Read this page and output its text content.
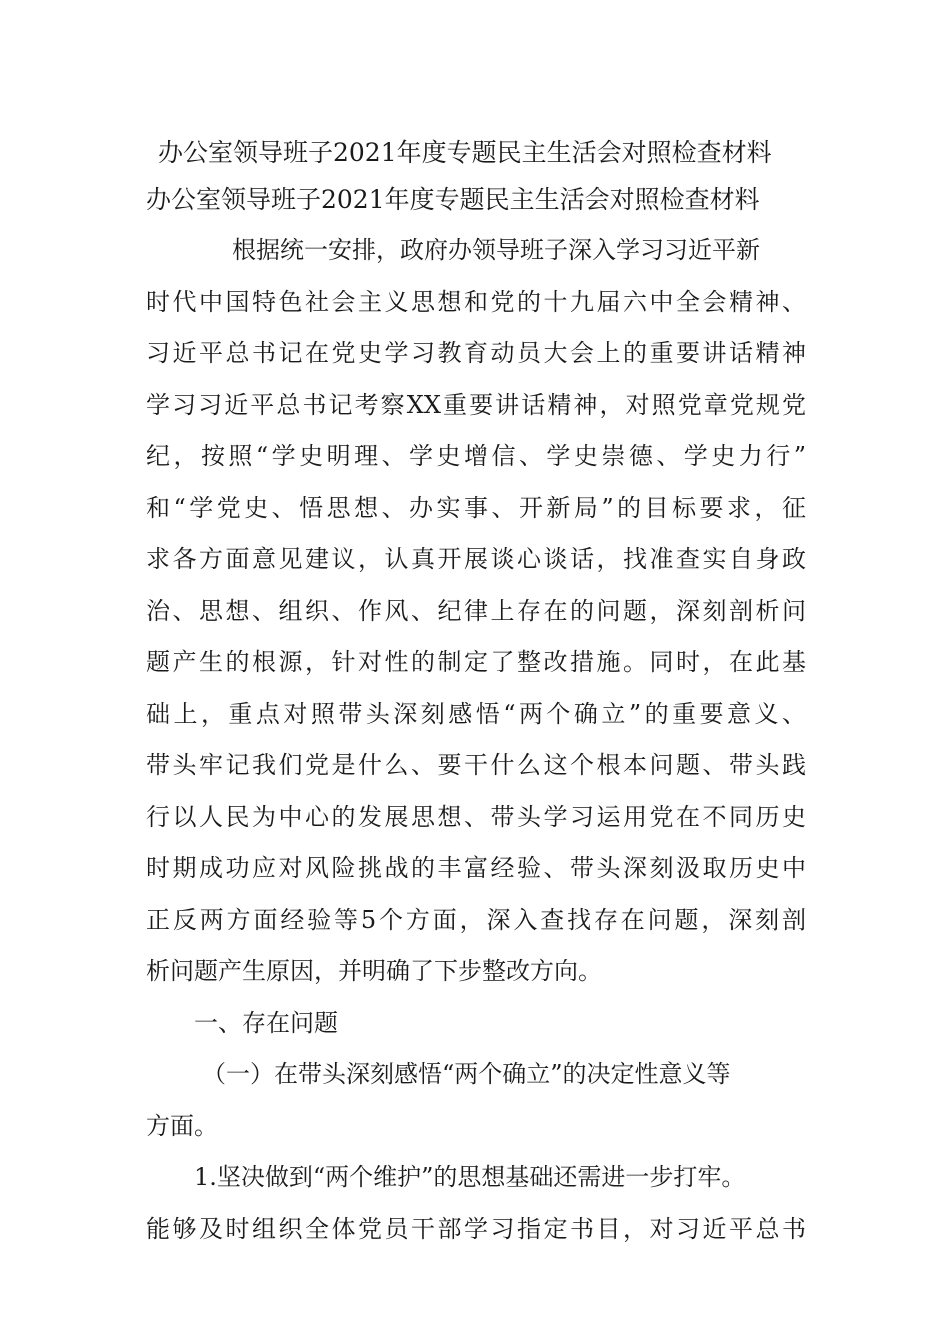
办公室领导班子2021年度专题民主生活会对照检查材料
办公室领导班子2021年度专题民主生活会对照检查材料
根据统一安排，政府办领导班子深入学习习近平新
时代中国特色社会主义思想和党的十九届六中全会精神、
习近平总书记在党史学习教育动员大会上的重要讲话精神
学习习近平总书记考察XX重要讲话精神，对照党章党规党
纪，按照“学史明理、学史增信、学史崇德、学史力行”
和“学党史、悟思想、办实事、开新局”的目标要求，征
求各方面意见建议，认真开展谈心谈话，找准查实自身政
治、思想、组织、作风、纪律上存在的问题，深刻剖析问
题产生的根源，针对性的制定了整改措施。同时，在此基
础上，重点对照带头深刻感悟“两个确立”的重要意义、
带头牢记我们党是什么、要干什么这个根本问题、带头践
行以人民为中心的发展思想、带头学习运用党在不同历史
时期成功应对风险挑战的丰富经验、带头深刻汲取历史中
正反两方面经验等5个方面，深入查找存在问题，深刻剖
析问题产生原因，并明确了下步整改方向。
一、存在问题
（一）在带头深刻感悟“两个确立”的决定性意义等
方面。
1.坚决做到“两个维护”的思想基础还需进一步打牢。
能够及时组织全体党员干部学习指定书目，对习近平总书
